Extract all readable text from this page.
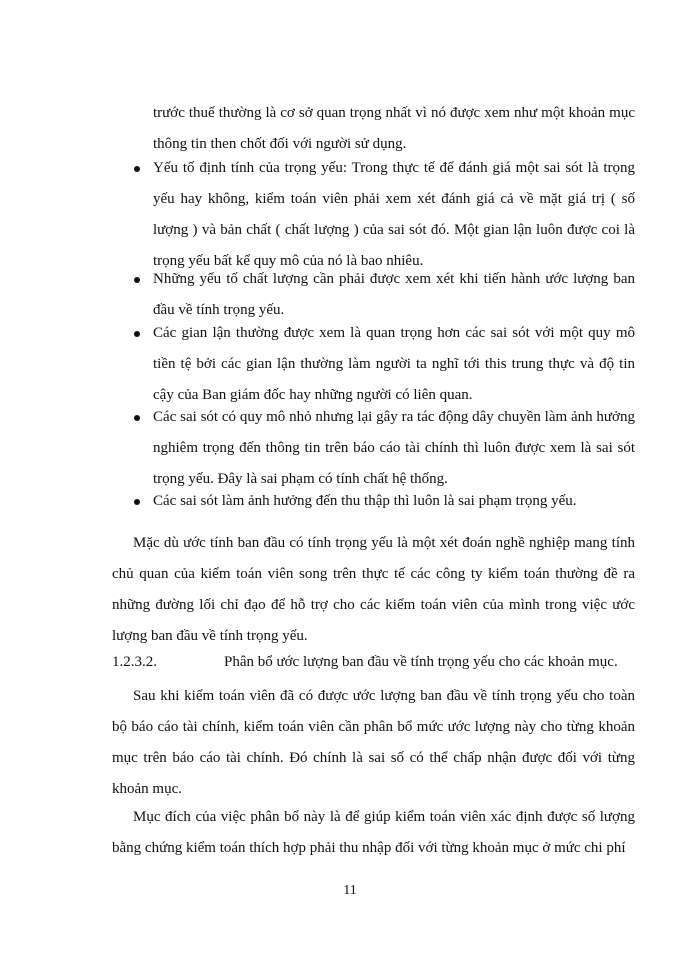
trước thuế thường là cơ sở quan trọng nhất vì nó được xem như một khoản mục thông tin then chốt đối với người sử dụng.

Yếu tố định tính của trọng yếu: Trong thực tế để đánh giá một sai sót là trọng yếu hay không, kiểm toán viên phải xem xét đánh giá cả về mặt giá trị ( số lượng ) và bản chất ( chất lượng ) của sai sót đó. Một gian lận luôn được coi là trọng yếu bất kể quy mô của nó là bao nhiêu.

Những yếu tố chất lượng cần phải được xem xét khi tiến hành ước lượng ban đầu về tính trọng yếu.

Các gian lận thường được xem là quan trọng hơn các sai sót với một quy mô tiền tệ bởi các gian lận thường làm người ta nghĩ tới this trung thực và độ tin cậy của Ban giám đốc hay những người có liên quan.

Các sai sót có quy mô nhỏ nhưng lại gây ra tác động dây chuyền làm ảnh hưởng nghiêm trọng đến thông tin trên báo cáo tài chính thì luôn được xem là sai sót trọng yếu. Đây là sai phạm có tính chất hệ thống.

Các sai sót làm ảnh hưởng đến thu thập thì luôn là sai phạm trọng yếu.

Mặc dù ước tính ban đầu có tính trọng yếu là một xét đoán nghề nghiệp mang tính chủ quan của kiểm toán viên song trên thực tế các công ty kiểm toán thường đề ra những đường lối chỉ đạo để hỗ trợ cho các kiểm toán viên của mình trong việc ước lượng ban đầu về tính trọng yếu.

1.2.3.2.	Phân bổ ước lượng ban đầu về tính trọng yếu cho các khoản mục.

Sau khi kiểm toán viên đã có được ước lượng ban đầu về tính trọng yếu cho toàn bộ báo cáo tài chính, kiểm toán viên cần phân bổ mức ước lượng này cho từng khoản mục trên báo cáo tài chính. Đó chính là sai số có thể chấp nhận được đối với từng khoản mục.

Mục đích của việc phân bổ này là để giúp kiểm toán viên xác định được số lượng bằng chứng kiểm toán thích hợp phải thu nhập đối với từng khoản mục ở mức chi phí

11
